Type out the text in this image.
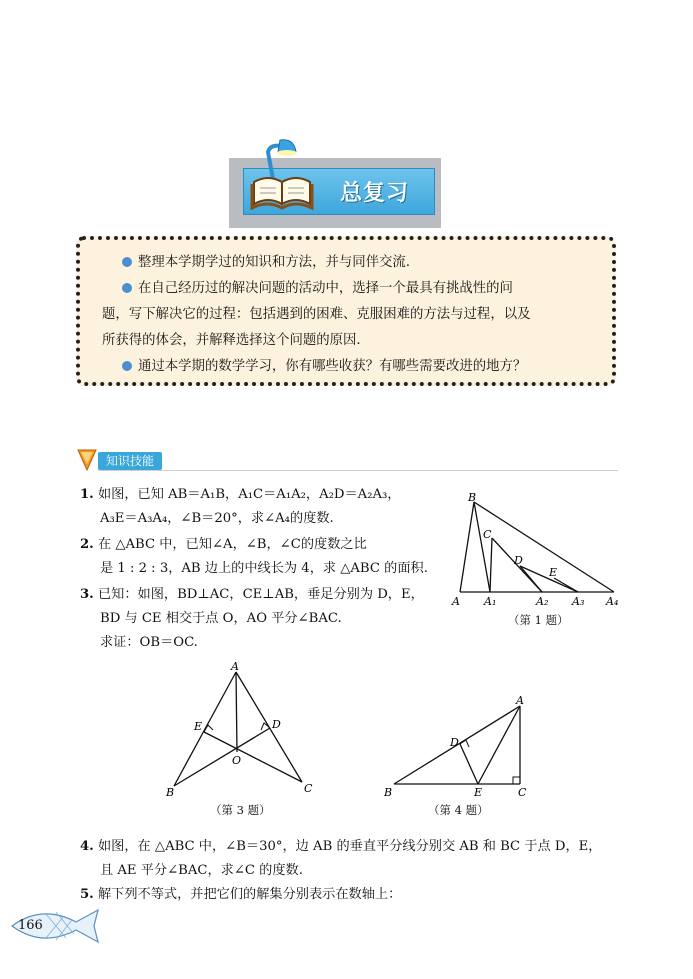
总复习
整理本学期学过的知识和方法，并与同伴交流.
在自己经历过的解决问题的活动中，选择一个最具有挑战性的问
题，写下解决它的过程：包括遇到的困难、克服困难的方法与过程，以及
所获得的体会，并解释选择这个问题的原因.
通过本学期的数学学习，你有哪些收获？有哪些需要改进的地方？
知识技能
1. 如图，已知 AB＝A₁B，A₁C＝A₁A₂，A₂D＝A₂A₃，
A₃E＝A₃A₄，∠B＝20°，求∠A₄的度数.
2. 在 △ABC 中，已知∠A，∠B，∠C的度数之比
是 1 : 2 : 3，AB 边上的中线长为 4，求 △ABC 的面积.
3. 已知：如图，BD⊥AC，CE⊥AB，垂足分别为 D，E，
BD 与 CE 相交于点 O，AO 平分∠BAC.
求证：OB＝OC.
B
C
D
E
A A₁	A₂ A₃ A₄
（第 1 题）
A
E	D
O
B	C
（第 3 题）
A
D
B	E	C
（第 4 题）
4. 如图，在 △ABC 中，∠B＝30°，边 AB 的垂直平分线分别交 AB 和 BC 于点 D，E，
且 AE 平分∠BAC，求∠C 的度数.
5. 解下列不等式，并把它们的解集分别表示在数轴上：
166
